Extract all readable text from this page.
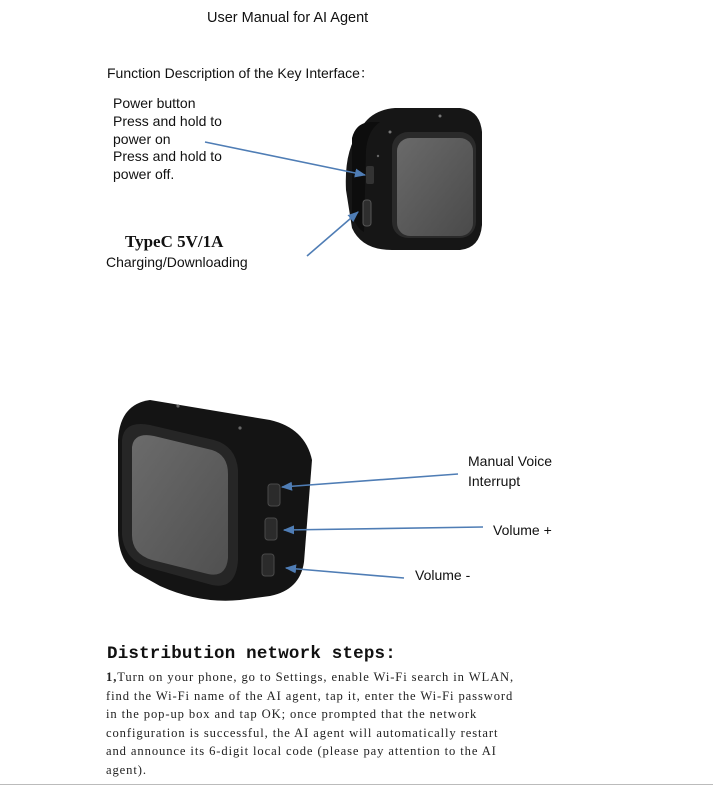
User Manual for AI Agent
Function Description of the Key Interface：
Power button
Press and hold to
power on
Press and hold to
power off.
TypeC 5V/1A
Charging/Downloading
Manual Voice
Interrupt
Volume +
Volume -
Distribution network steps:
1,Turn on your phone, go to Settings, enable Wi-Fi search in WLAN,
find the Wi-Fi name of the AI agent, tap it, enter the Wi-Fi password
in the pop-up box and tap OK; once prompted that the network
configuration is successful, the AI agent will automatically restart
and announce its 6-digit local code (please pay attention to the AI
agent).
